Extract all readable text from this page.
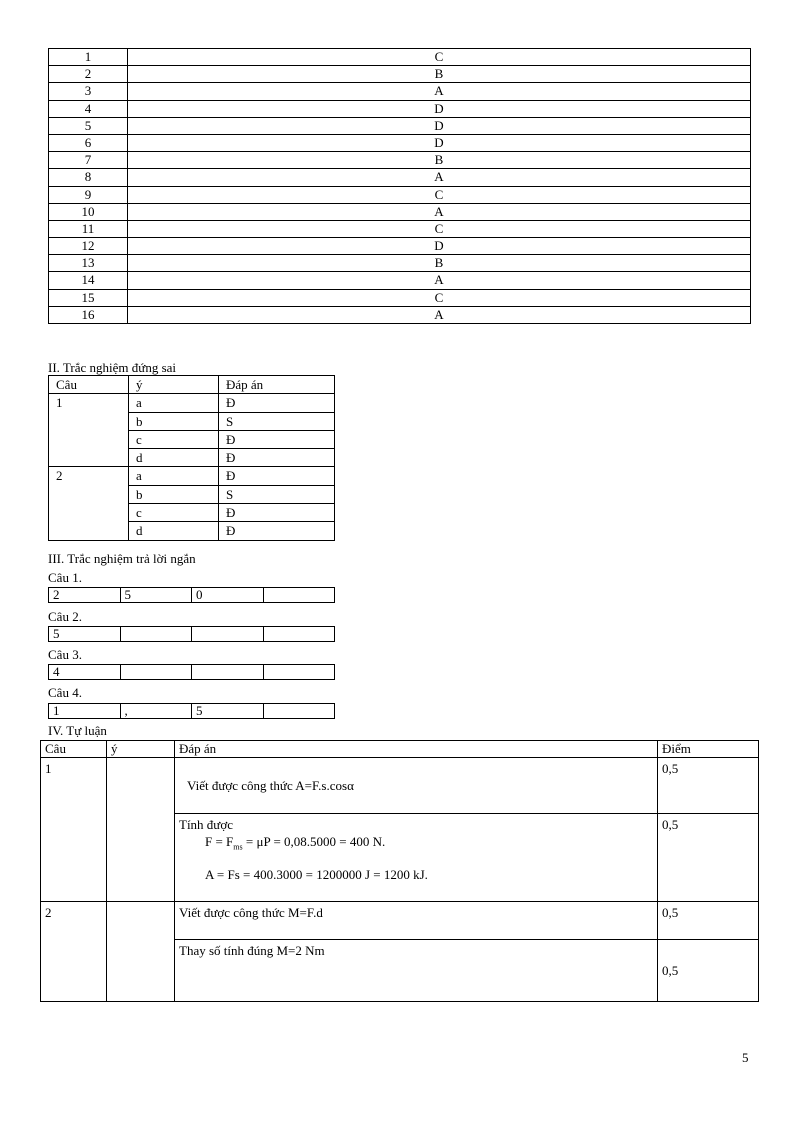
1	C
2	B
3	A
4	D
5	D
6	D
7	B
8	A
9	C
10	A
11	C
12	D
13	B
14	A
15	C
16	A
II. Trắc nghiệm đứng sai
Câu	ý	Đáp án
1	a	Đ
	b	S
	c	Đ
	d	Đ
2	a	Đ
	b	S
	c	Đ
	d	Đ
III. Trắc nghiệm trả lời ngắn
Câu 1.
2	5	0	
Câu 2.
5			
Câu 3.
4			
Câu 4.
1	,	5	
IV. Tự luận
Câu	ý	Đáp án	Điểm
1		Viết được công thức A=F.s.cosα	0,5

		Tính được
$F = F_{ms} = \mu P = 0,08.5000 = 400$ N.
A = Fs = 400.3000 = 1200000 J = 1200 kJ.	0,5
2		Viết được công thức M=F.d	0,5
		Thay số tính đúng M=2 Nm	0,5
5
